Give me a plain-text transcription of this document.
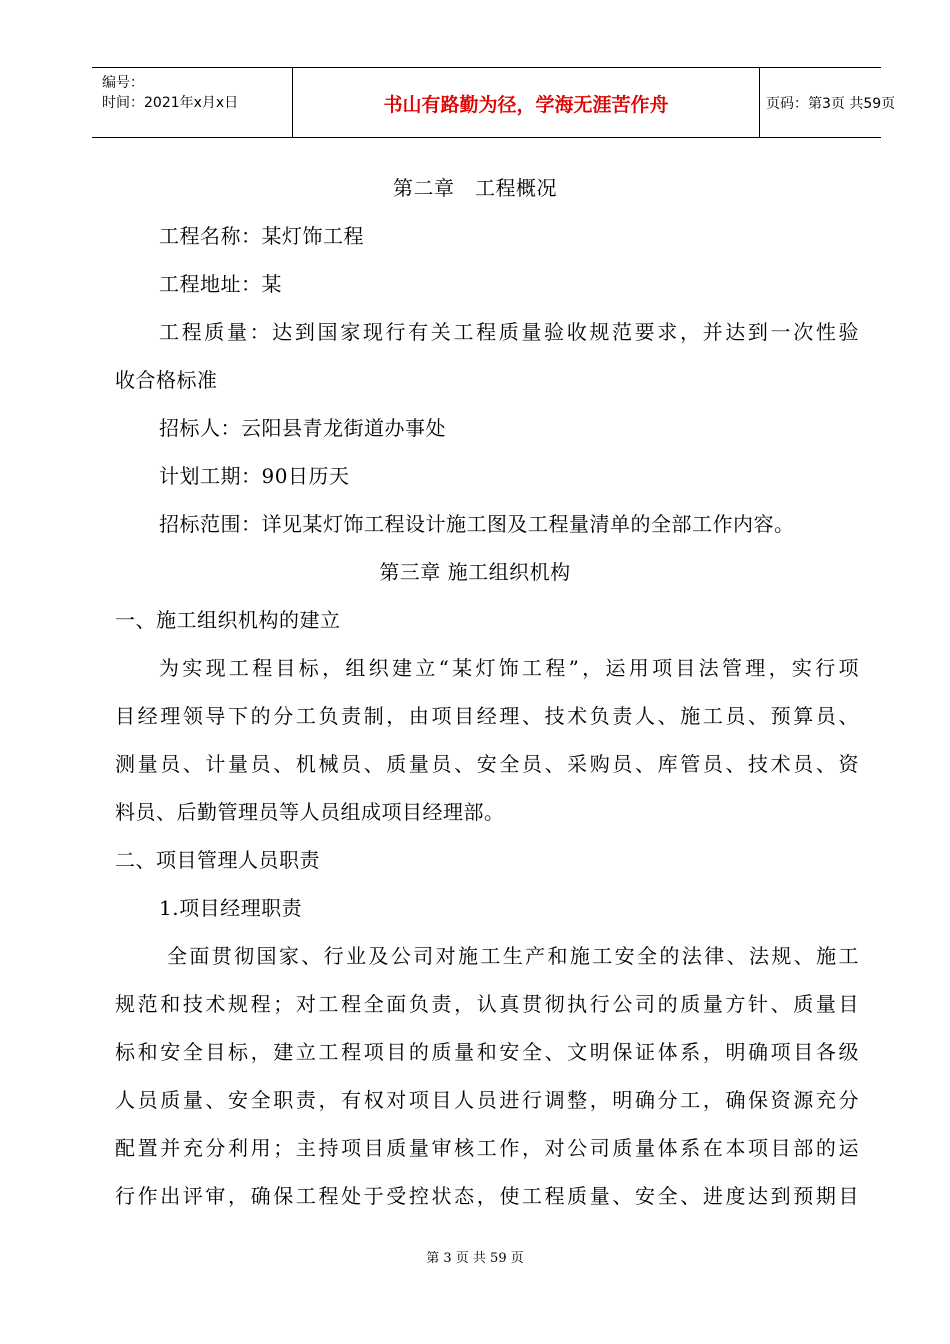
编号：
时间：2021年x月x日	书山有路勤为径，学海无涯苦作舟	页码：第3页 共59页
第二章　工程概况
工程名称：某灯饰工程
工程地址：某
工程质量：达到国家现行有关工程质量验收规范要求，并达到一次性验
收合格标准
招标人：云阳县青龙街道办事处
计划工期：90日历天
招标范围：详见某灯饰工程设计施工图及工程量清单的全部工作内容。
第三章 施工组织机构
一、施工组织机构的建立
为实现工程目标，组织建立“某灯饰工程”，运用项目法管理，实行项
目经理领导下的分工负责制，由项目经理、技术负责人、施工员、预算员、
测量员、计量员、机械员、质量员、安全员、采购员、库管员、技术员、资
料员、后勤管理员等人员组成项目经理部。
二、项目管理人员职责
1.项目经理职责
全面贯彻国家、行业及公司对施工生产和施工安全的法律、法规、施工
规范和技术规程；对工程全面负责，认真贯彻执行公司的质量方针、质量目
标和安全目标，建立工程项目的质量和安全、文明保证体系，明确项目各级
人员质量、安全职责，有权对项目人员进行调整，明确分工，确保资源充分
配置并充分利用；主持项目质量审核工作，对公司质量体系在本项目部的运
行作出评审，确保工程处于受控状态，使工程质量、安全、进度达到预期目
第 3 页 共 59 页
